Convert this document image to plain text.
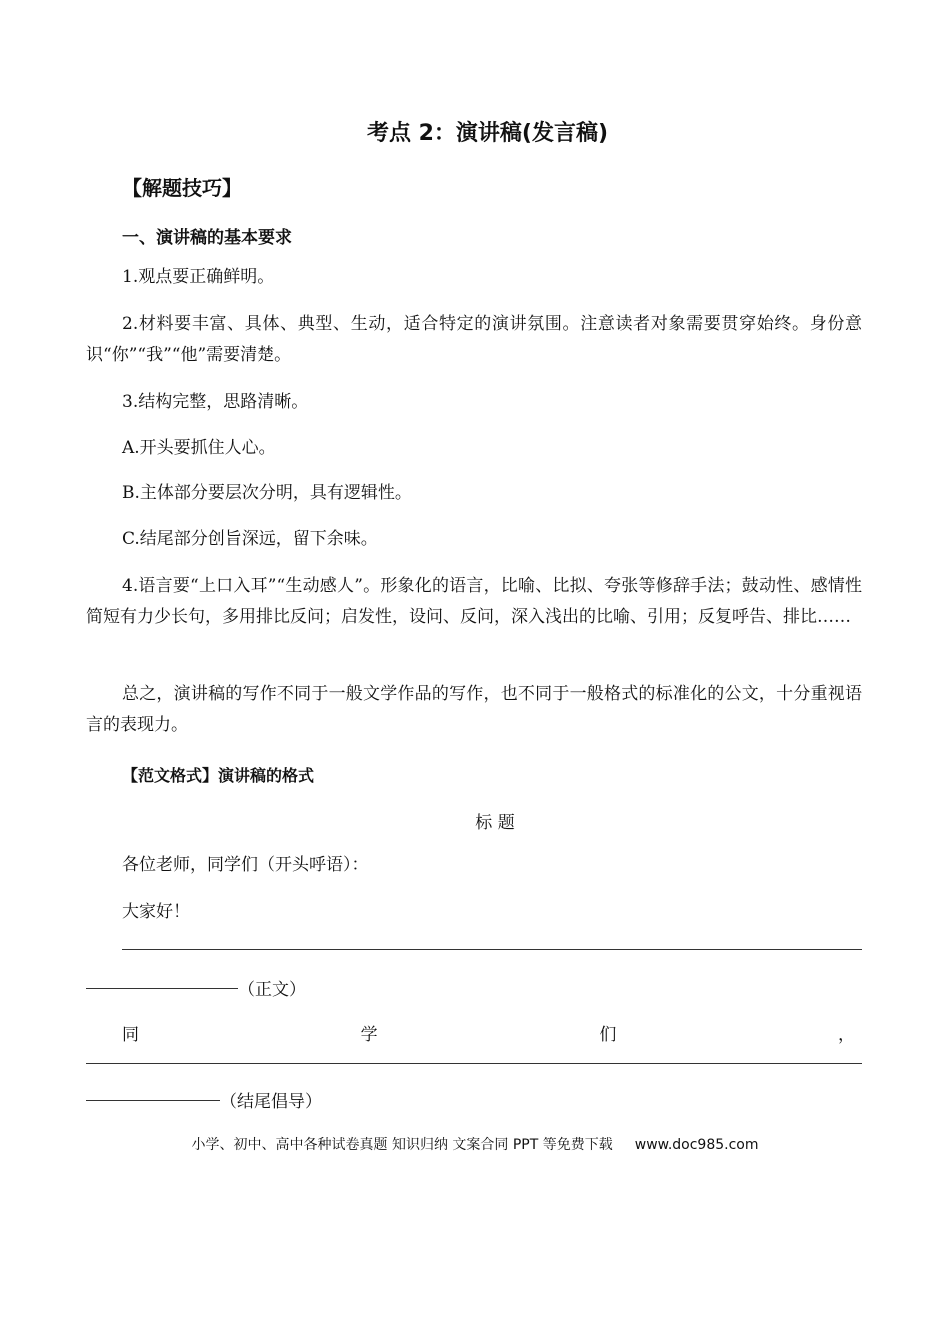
考点 2：演讲稿(发言稿)
【解题技巧】
一、演讲稿的基本要求
1.观点要正确鲜明。
2.材料要丰富、具体、典型、生动，适合特定的演讲氛围。注意读者对象需要贯穿始终。身份意识“你”“我”“他”需要清楚。
3.结构完整，思路清晰。
A.开头要抓住人心。
B.主体部分要层次分明，具有逻辑性。
C.结尾部分创旨深远，留下余味。
4.语言要“上口入耳”“生动感人”。形象化的语言，比喻、比拟、夸张等修辞手法；鼓动性、感情性简短有力少长句，多用排比反问；启发性，设问、反问，深入浅出的比喻、引用；反复呼告、排比……
总之，演讲稿的写作不同于一般文学作品的写作，也不同于一般格式的标准化的公文，十分重视语言的表现力。
【范文格式】演讲稿的格式
标 题
各位老师，同学们（开头呼语）：
大家好！
（正文）
同	学	们	，
（结尾倡导）
小学、初中、高中各种试卷真题 知识归纳 文案合同 PPT 等免费下载 www.doc985.com
